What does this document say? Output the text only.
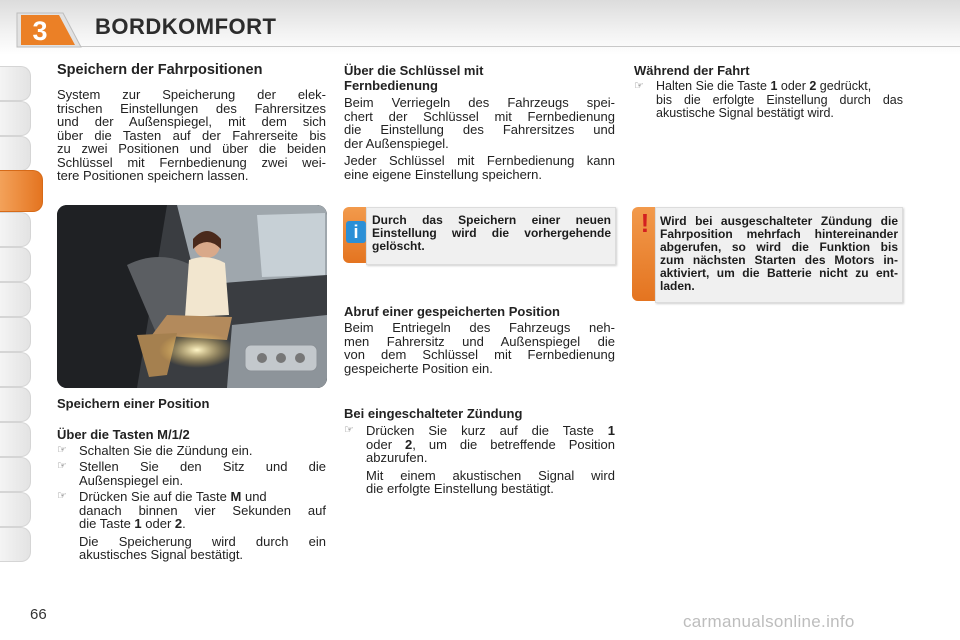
3 BORDKOMFORT
Speichern der Fahrpositionen
System zur Speicherung der elek-
trischen Einstellungen des Fahrersitzes
und der Außenspiegel, mit dem sich
über die Tasten auf der Fahrerseite bis
zu zwei Positionen und über die beiden
Schlüssel mit Fernbedienung zwei wei-
tere Positionen speichern lassen.
Speichern einer Position
Über die Tasten M/1/2
☞ Schalten Sie die Zündung ein.
☞ Stellen Sie den Sitz und die
Außenspiegel ein.
☞ Drücken Sie auf die Taste M und
danach binnen vier Sekunden auf
die Taste 1 oder 2.
Die Speicherung wird durch ein
akustisches Signal bestätigt.
Über die Schlüssel mit
Fernbedienung
Beim Verriegeln des Fahrzeugs spei-
chert der Schlüssel mit Fernbedienung
die Einstellung des Fahrersitzes und
der Außenspiegel.
Jeder Schlüssel mit Fernbedienung kann
eine eigene Einstellung speichern.
i
Durch das Speichern einer neuen
Einstellung wird die vorhergehende
gelöscht.
Abruf einer gespeicherten Position
Beim Entriegeln des Fahrzeugs neh-
men Fahrersitz und Außenspiegel die
von dem Schlüssel mit Fernbedienung
gespeicherte Position ein.
Bei eingeschalteter Zündung
☞ Drücken Sie kurz auf die Taste 1
oder 2, um die betreffende Position
abzurufen.
Mit einem akustischen Signal wird
die erfolgte Einstellung bestätigt.
Während der Fahrt
☞ Halten Sie die Taste 1 oder 2 gedrückt,
bis die erfolgte Einstellung durch das
akustische Signal bestätigt wird.
! Wird bei ausgeschalteter Zündung die
Fahrposition mehrfach hintereinander
abgerufen, so wird die Funktion bis
zum nächsten Starten des Motors in-
aktiviert, um die Batterie nicht zu ent-
laden.
66	carmanualsonline.info
